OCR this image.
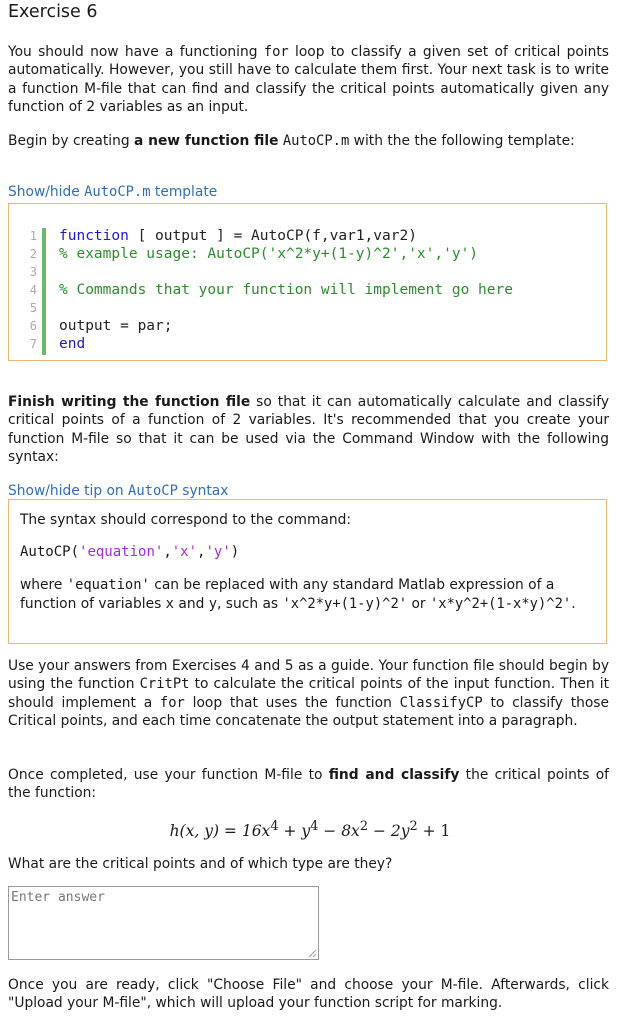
Exercise 6

You should now have a functioning for loop to classify a given set of critical points automatically. However, you still have to calculate them first. Your next task is to write a function M-file that can find and classify the critical points automatically given any function of 2 variables as an input.

Begin by creating a new function file AutoCP.m with the the following template:

Show/hide AutoCP.m template
1
2
3
4
5
6
7
function [ output ] = AutoCP(f,var1,var2)
% example usage: AutoCP('x^2*y+(1-y)^2','x','y')

% Commands that your function will implement go here

output = par;
end

Finish writing the function file so that it can automatically calculate and classify critical points of a function of 2 variables. It's recommended that you create your function M-file so that it can be used via the Command Window with the following syntax:

Show/hide tip on AutoCP syntax
The syntax should correspond to the command:
AutoCP('equation','x','y')
where 'equation' can be replaced with any standard Matlab expression of a function of variables x and y, such as 'x^2*y+(1-y)^2' or 'x*y^2+(1-x*y)^2'.

Use your answers from Exercises 4 and 5 as a guide. Your function file should begin by using the function CritPt to calculate the critical points of the input function. Then it should implement a for loop that uses the function ClassifyCP to classify those Critical points, and each time concatenate the output statement into a paragraph.

Once completed, use your function M-file to find and classify the critical points of the function:

h(x, $y) = 16x^4 + y^4 - 8x^2 - 2y^2 + 1$

What are the critical points and of which type are they?

Enter answer

Once you are ready, click "Choose File" and choose your M-file. Afterwards, click "Upload your M-file", which will upload your function script for marking.
